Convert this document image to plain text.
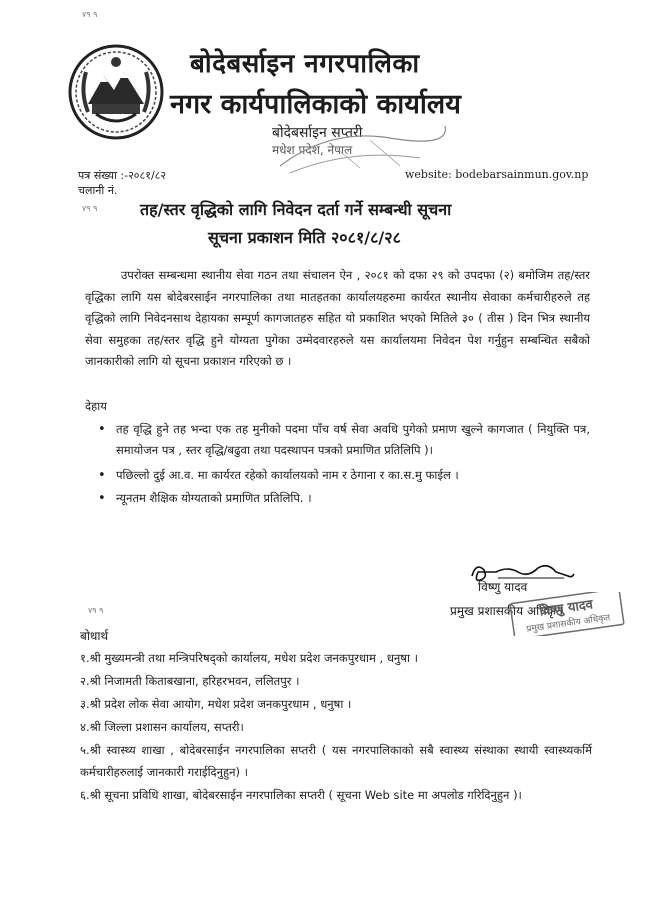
बोदेबर्साइन नगरपालिका
नगर कार्यपालिकाको कार्यालय
बोदेबर्साइन सप्तरी
मधेश प्रदेश, नेपाल
पत्र संख्या :-२०८१/८२
चलानी नं.
website: bodebarsainmun.gov.np
٩ ٧٩
٩ ٧٩
٩ ٧٩
तह/स्तर वृद्धिको लागि निवेदन दर्ता गर्ने सम्बन्धी सूचना
सूचना प्रकाशन मिति २०८१/८/२८
उपरोक्त सम्बन्धमा स्थानीय सेवा गठन तथा संचालन ऐन , २०८१ को दफा २९ को उपदफा (२) बमोजिम तह/स्तर वृद्धिका लागि यस बोदेबरसाईन नगरपालिका तथा मातहतका कार्यालयहरुमा कार्यरत स्थानीय सेवाका कर्मचारीहरुले तह वृद्धिको लागि निवेदनसाथ देहायका सम्पूर्ण कागजातहरु सहित यो प्रकाशित भएको मितिले ३० ( तीस ) दिन भित्र स्थानीय सेवा समुहका तह/स्तर वृद्धि हुने योग्यता पुगेका उम्मेदवारहरुले यस कार्यालयमा निवेदन पेश गर्नुहुन सम्बन्धित सबैको जानकारीको लागि यो सूचना प्रकाशन गरिएको छ ।
देहाय
• तह वृद्धि हुने तह भन्दा एक तह मुनीको पदमा पाँच वर्ष सेवा अवधि पुगेको प्रमाण खुल्ने कागजात ( नियुक्ति पत्र, समायोजन पत्र , स्तर वृद्धि/बढुवा तथा पदस्थापन पत्रको प्रमाणित प्रतिलिपि )।
• पछिल्लो दुई आ.व. मा कार्यरत रहेको कार्यालयको नाम र ठेगाना र का.स.मु फाईल ।
• न्यूनतम शैक्षिक योग्यताको प्रमाणित प्रतिलिपि. ।
विष्णु यादव
प्रमुख प्रशासकीय अधिकृत
विष्णु यादव
प्रमुख प्रशासकीय अधिकृत
बोधार्थ
१.श्री मुख्यमन्त्री तथा मन्त्रिपरिषद्को कार्यालय, मधेश प्रदेश जनकपुरधाम , धनुषा ।
२.श्री निजामती किताबखाना, हरिहरभवन, ललितपुर ।
३.श्री प्रदेश लोक सेवा आयोग, मधेश प्रदेश जनकपुरधाम , धनुषा ।
४.श्री जिल्ला प्रशासन कार्यालय, सप्तरी।
५.श्री स्वास्थ्य शाखा , बोदेबरसाईन नगरपालिका सप्तरी ( यस नगरपालिकाको सबै स्वास्थ्य संस्थाका स्थायी स्वास्थ्यकर्मि कर्मचारीहरुलाई जानकारी गराईदिनुहुन) ।
६.श्री सूचना प्रविधि शाखा, बोदेबरसाईन नगरपालिका सप्तरी ( सूचना Web site मा अपलोड गरिदिनुहुन )।
